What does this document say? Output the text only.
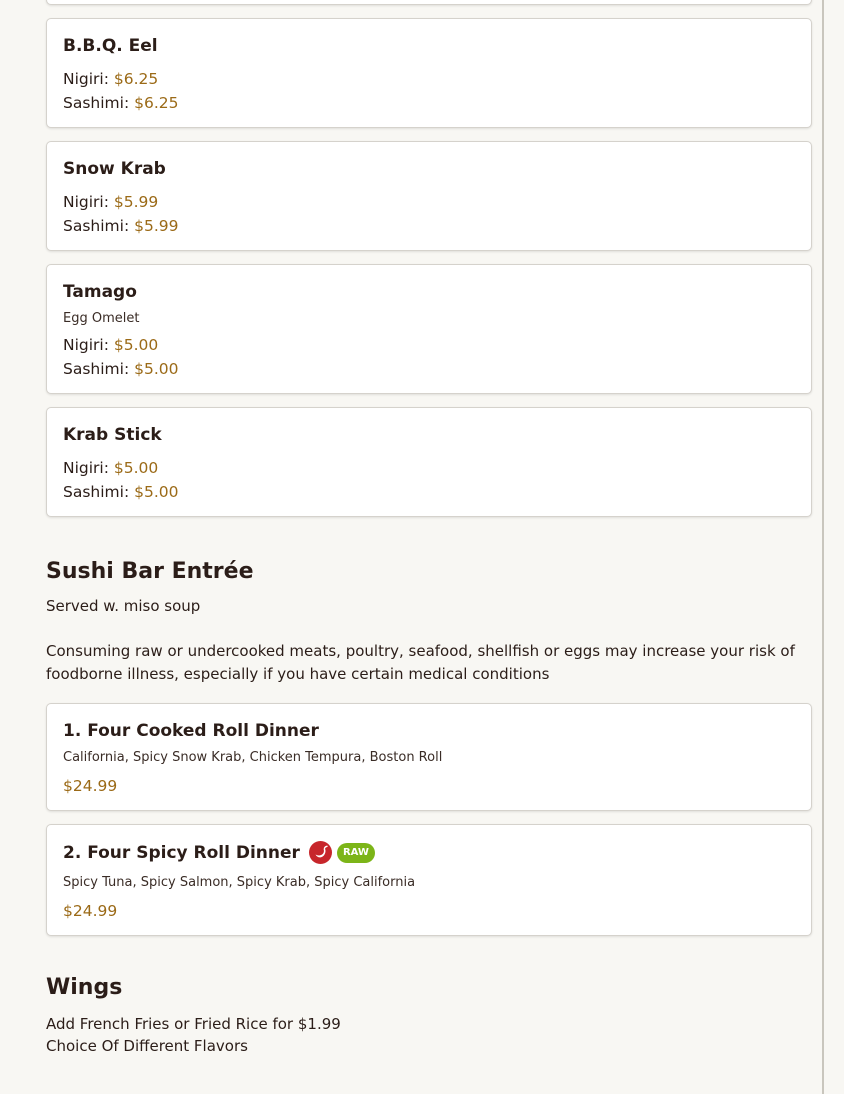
B.B.Q. Eel
Nigiri: $6.25
Sashimi: $6.25
Snow Krab
Nigiri: $5.99
Sashimi: $5.99
Tamago
Egg Omelet
Nigiri: $5.00
Sashimi: $5.00
Krab Stick
Nigiri: $5.00
Sashimi: $5.00
Sushi Bar Entrée
Served w. miso soup
Consuming raw or undercooked meats, poultry, seafood, shellfish or eggs may increase your risk of foodborne illness, especially if you have certain medical conditions
1. Four Cooked Roll Dinner
California, Spicy Snow Krab, Chicken Tempura, Boston Roll
$24.99
2. Four Spicy Roll Dinner	RAW
Spicy Tuna, Spicy Salmon, Spicy Krab, Spicy California
$24.99
Wings
Add French Fries or Fried Rice for $1.99
Choice Of Different Flavors
